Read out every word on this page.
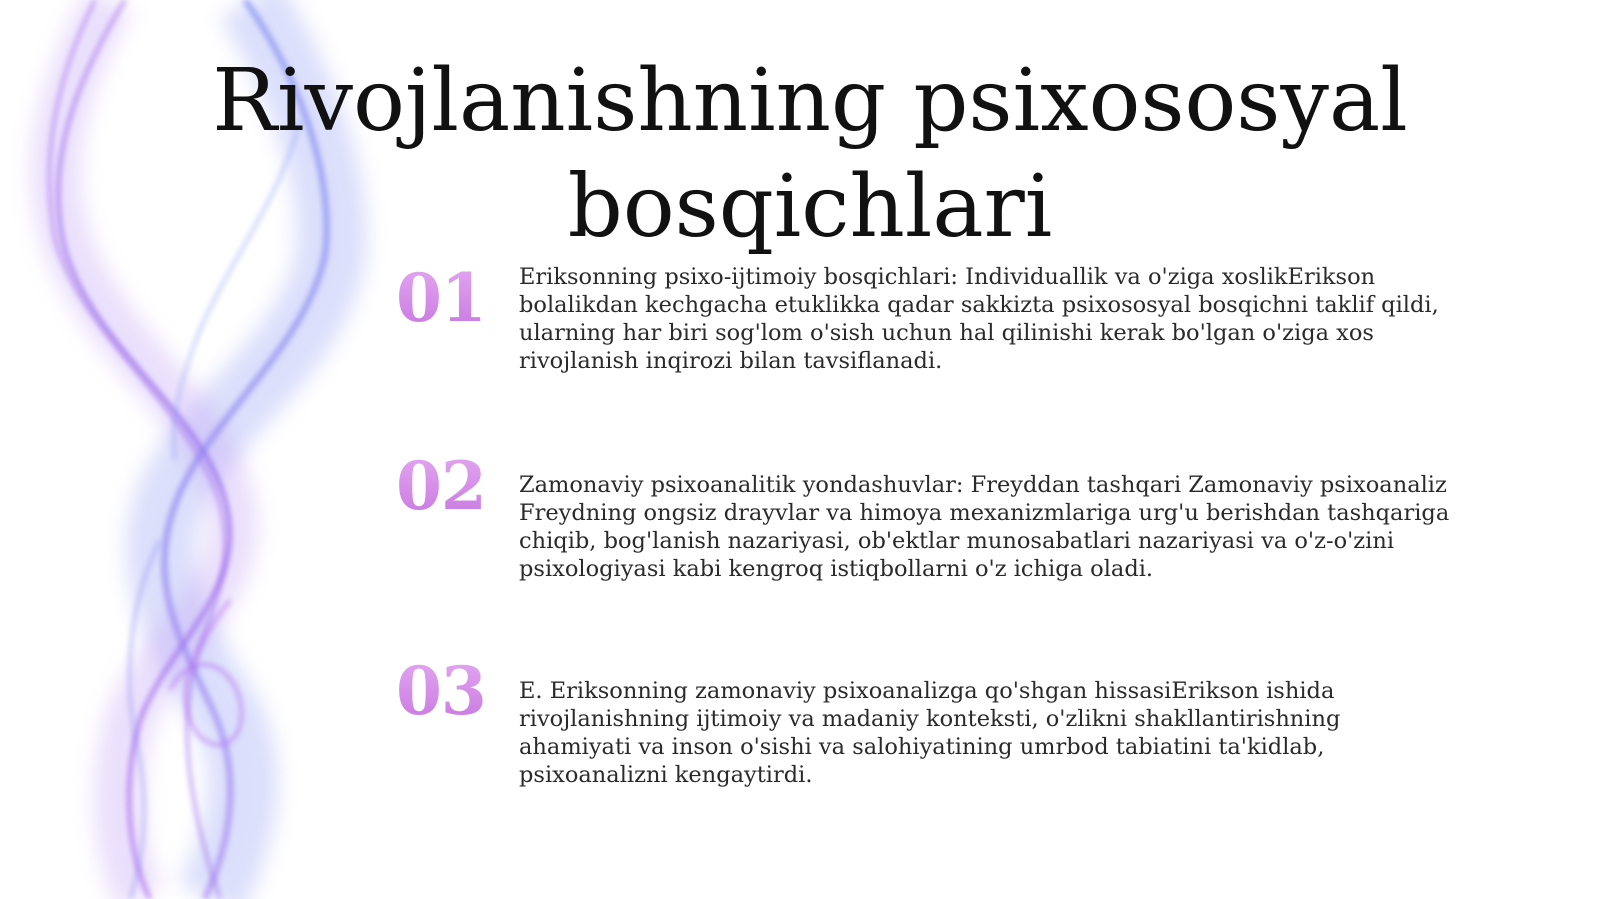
Rivojlanishning psixososyal bosqichlari
01 Eriksonning psixo-ijtimoiy bosqichlari: Individuallik va o'ziga xoslikErikson bolalikdan kechgacha etuklikka qadar sakkizta psixososyal bosqichni taklif qildi, ularning har biri sog'lom o'sish uchun hal qilinishi kerak bo'lgan o'ziga xos rivojlanish inqirozi bilan tavsiflanadi.

02 Zamonaviy psixoanalitik yondashuvlar: Freyddan tashqari Zamonaviy psixoanaliz Freydning ongsiz drayvlar va himoya mexanizmlariga urg'u berishdan tashqariga chiqib, bog'lanish nazariyasi, ob'ektlar munosabatlari nazariyasi va o'z-o'zini psixologiyasi kabi kengroq istiqbollarni o'z ichiga oladi.

03 E. Eriksonning zamonaviy psixoanalizga qo'shgan hissasiErikson ishida rivojlanishning ijtimoiy va madaniy konteksti, o'zlikni shakllantirishning ahamiyati va inson o'sishi va salohiyatining umrbod tabiatini ta'kidlab, psixoanalizni kengaytirdi.
